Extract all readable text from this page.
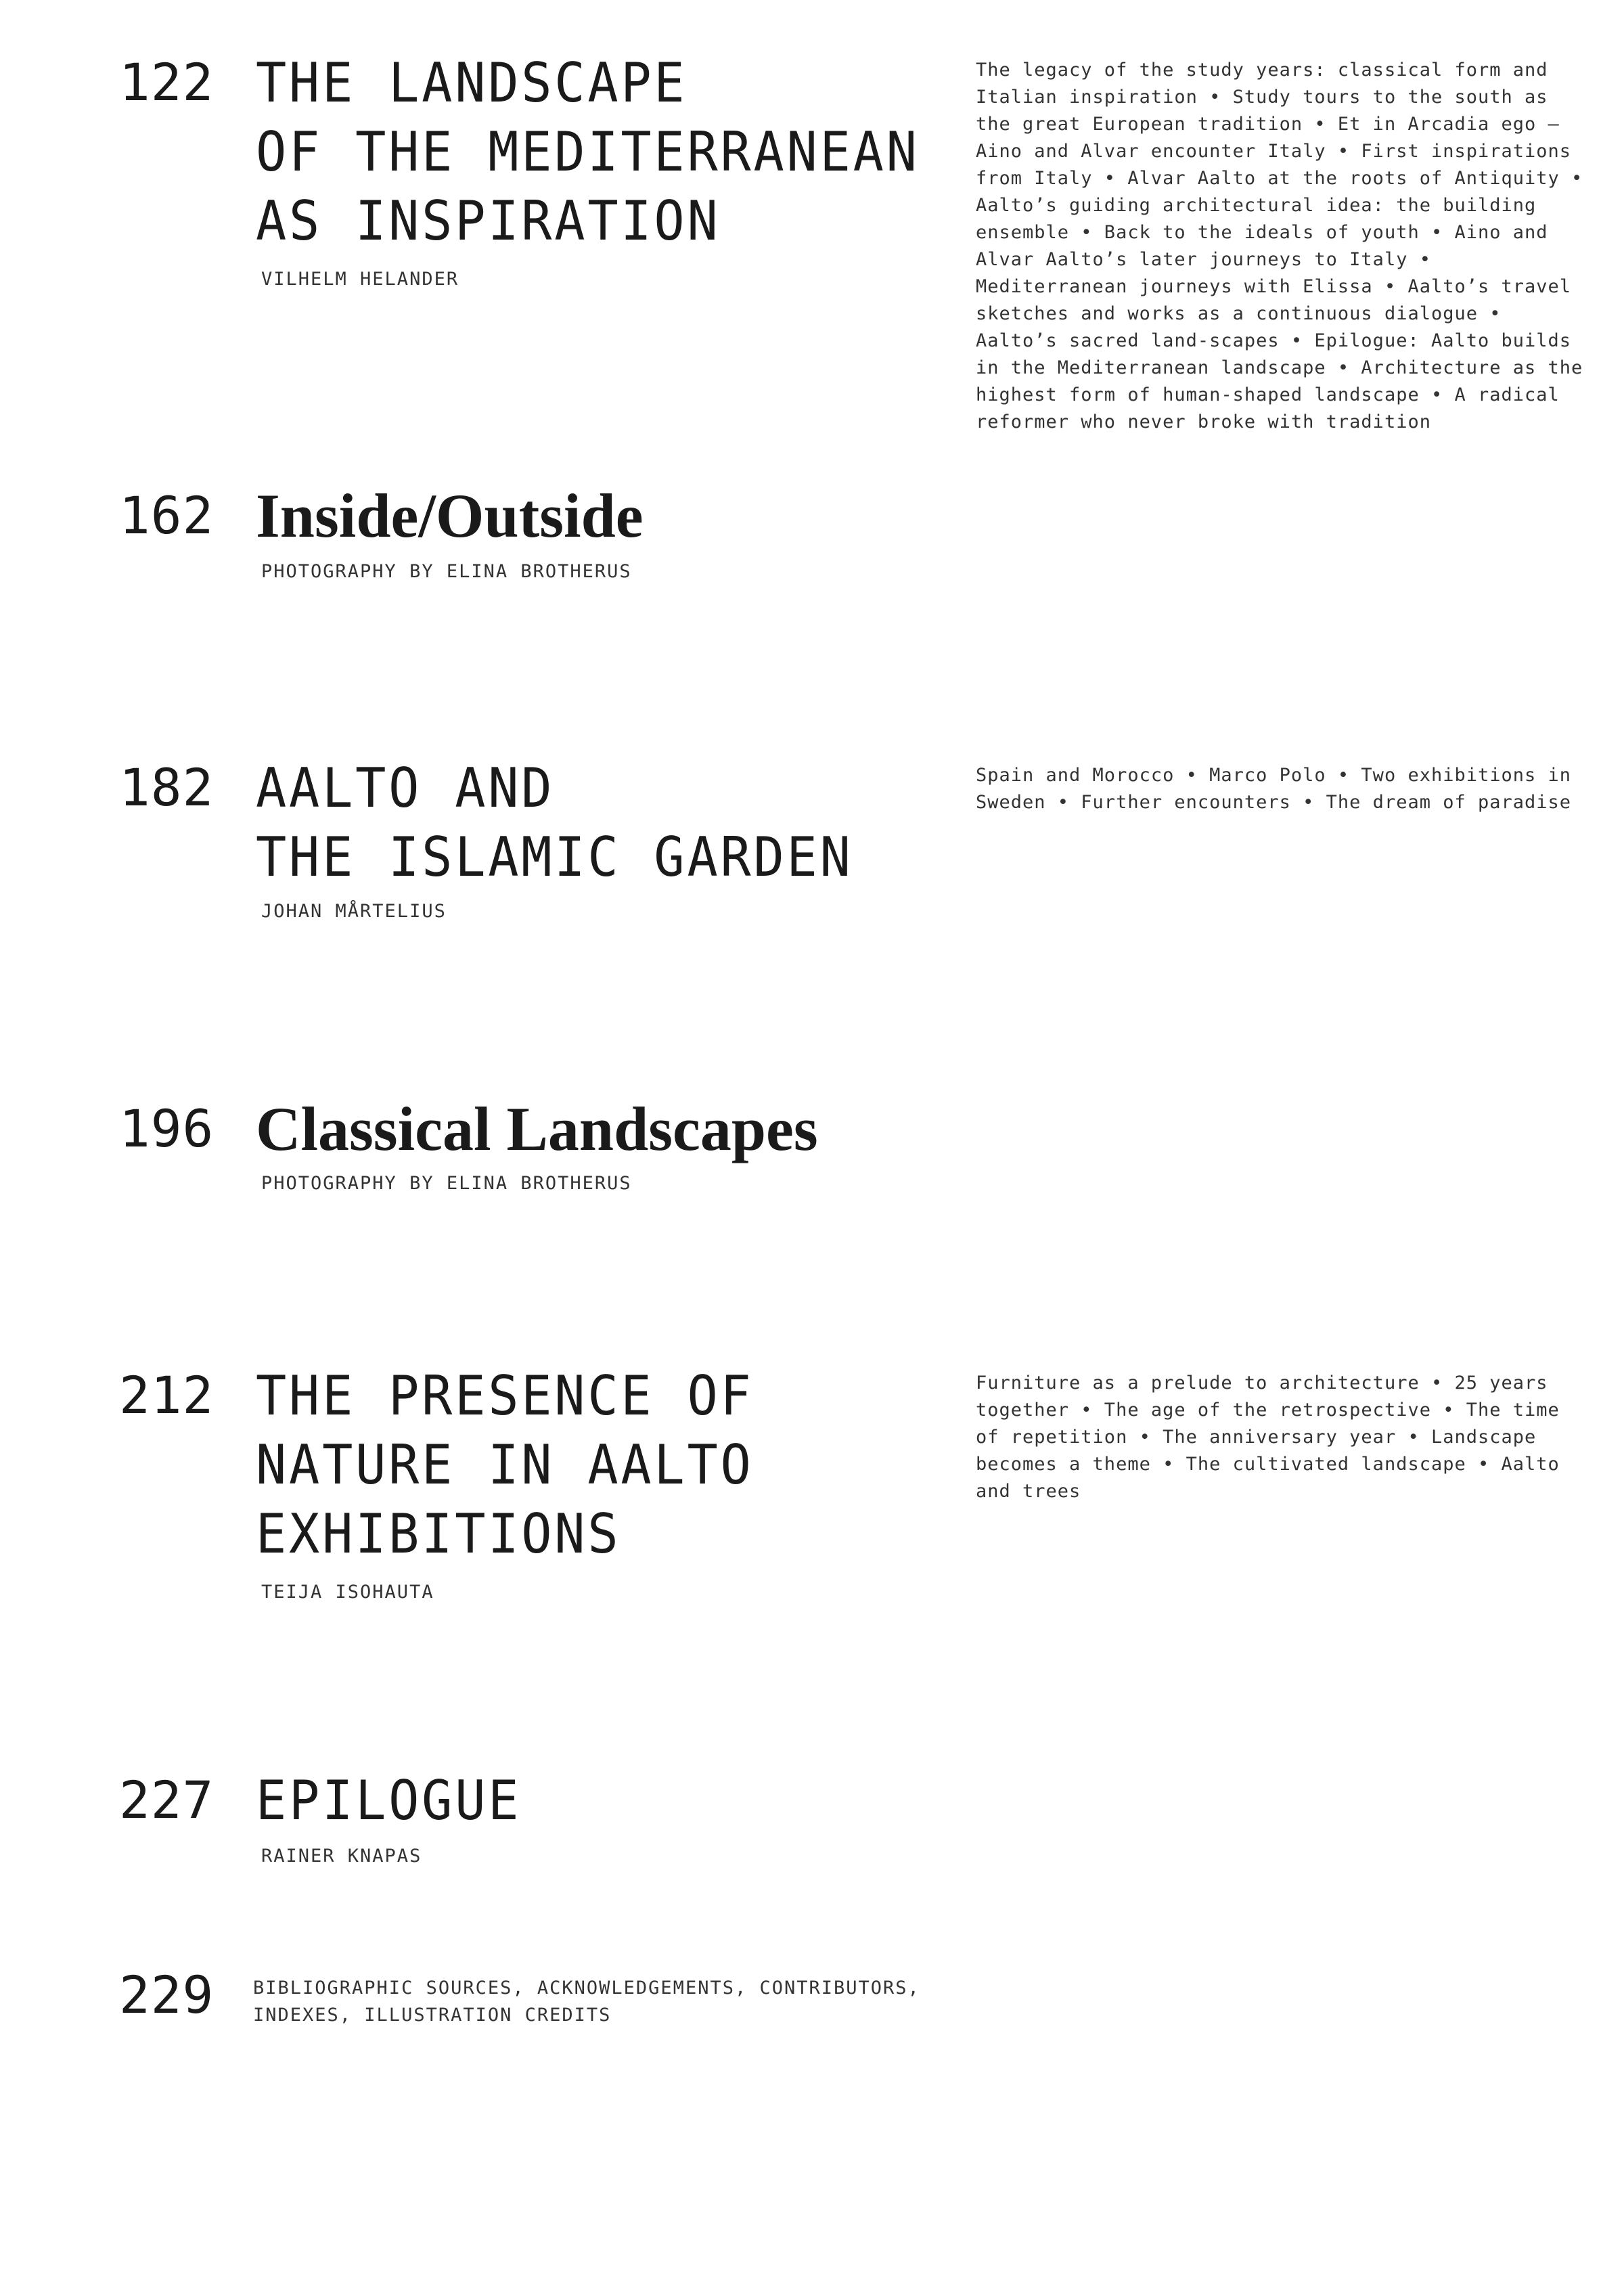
122 THE LANDSCAPE
OF THE MEDITERRANEAN
AS INSPIRATION
VILHELM HELANDER

The legacy of the study years: classical form and Italian inspiration • Study tours to the south as the great European tradition • Et in Arcadia ego – Aino and Alvar encounter Italy • First inspirations from Italy • Alvar Aalto at the roots of Antiquity • Aalto’s guiding architectural idea: the building ensemble • Back to the ideals of youth • Aino and Alvar Aalto’s later journeys to Italy • Mediterranean journeys with Elissa • Aalto’s travel sketches and works as a continuous dialogue • Aalto’s sacred land-scapes • Epilogue: Aalto builds in the Mediterranean landscape • Architecture as the highest form of human-shaped landscape • A radical reformer who never broke with tradition

162 Inside/Outside
PHOTOGRAPHY BY ELINA BROTHERUS
182 AALTO AND
THE ISLAMIC GARDEN
JOHAN MÅRTELIUS

Spain and Morocco • Marco Polo • Two exhibitions in Sweden • Further encounters • The dream of paradise

196 Classical Landscapes
PHOTOGRAPHY BY ELINA BROTHERUS
212 THE PRESENCE OF
NATURE IN AALTO
EXHIBITIONS
TEIJA ISOHAUTA

Furniture as a prelude to architecture • 25 years together • The age of the retrospective • The time of repetition • The anniversary year • Landscape becomes a theme • The cultivated landscape • Aalto and trees

227 EPILOGUE
RAINER KNAPAS
229 BIBLIOGRAPHIC SOURCES, ACKNOWLEDGEMENTS, CONTRIBUTORS,
INDEXES, ILLUSTRATION CREDITS
